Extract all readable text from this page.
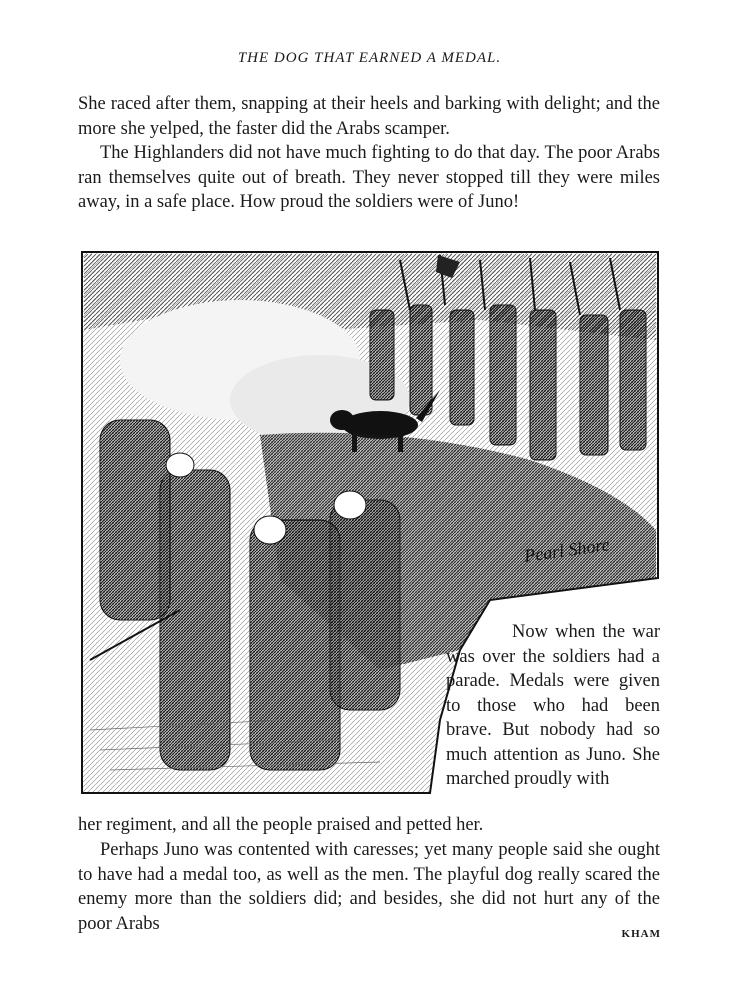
THE DOG THAT EARNED A MEDAL.

She raced after them, snapping at their heels and barking with delight; and the more she yelped, the faster did the Arabs scamper.

The Highlanders did not have much fighting to do that day. The poor Arabs ran themselves quite out of breath. They never stopped till they were miles away, in a safe place. How proud the soldiers were of Juno!

Pearl Shore

Now when the war was over the soldiers had a parade. Medals were given to those who had been brave. But nobody had so much attention as Juno. She marched proudly with

her regiment, and all the people praised and petted her.

Perhaps Juno was contented with caresses; yet many people said she ought to have had a medal too, as well as the men. The playful dog really scared the enemy more than the soldiers did; and besides, she did not hurt any of the poor Arabs

KHAM
